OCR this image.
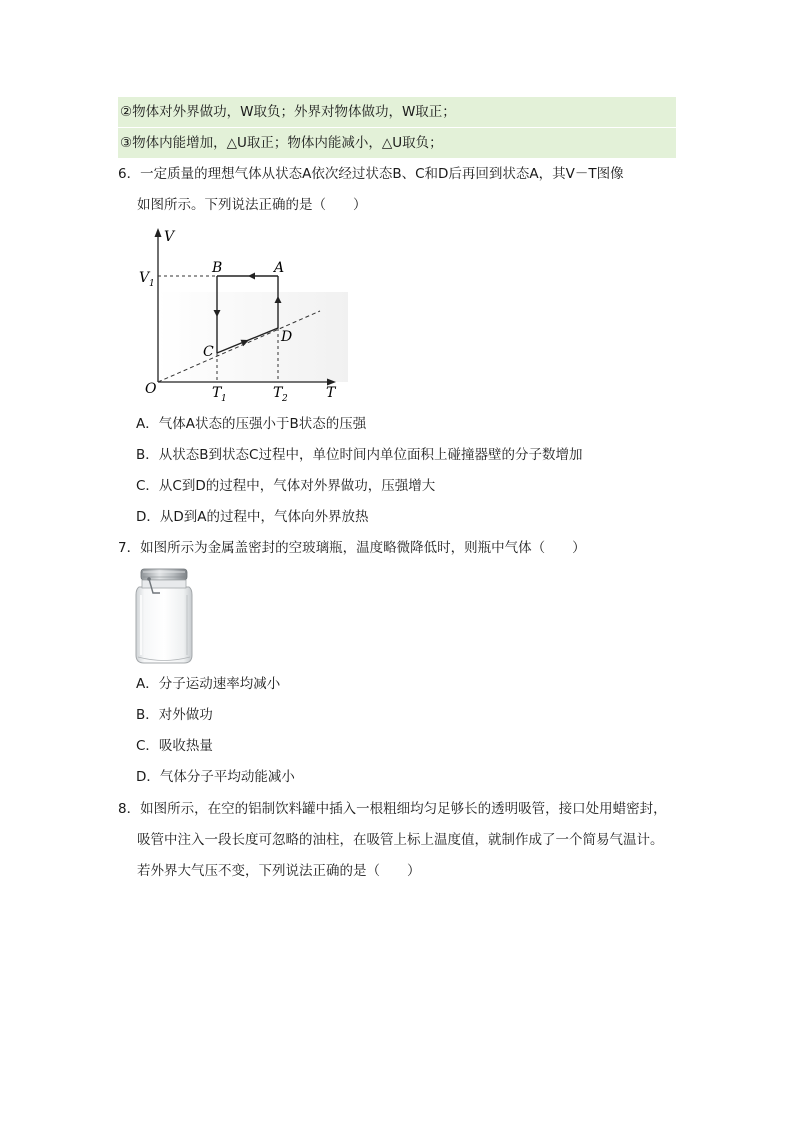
②物体对外界做功，W取负；外界对物体做功，W取正；
③物体内能增加，△U取正；物体内能减小，△U取负；
6．一定质量的理想气体从状态A依次经过状态B、C和D后再回到状态A，其V－T图像
如图所示。下列说法正确的是（　　）
V
T
O
V 1
T 1	T 2
A
B
C
D
A．气体A状态的压强小于B状态的压强
B．从状态B到状态C过程中，单位时间内单位面积上碰撞器壁的分子数增加
C．从C到D的过程中，气体对外界做功，压强增大
D．从D到A的过程中，气体向外界放热
7．如图所示为金属盖密封的空玻璃瓶，温度略微降低时，则瓶中气体（　　）
A．分子运动速率均减小
B．对外做功
C．吸收热量
D．气体分子平均动能减小
8．如图所示，在空的铝制饮料罐中插入一根粗细均匀足够长的透明吸管，接口处用蜡密封，
吸管中注入一段长度可忽略的油柱，在吸管上标上温度值，就制作成了一个简易气温计。
若外界大气压不变，下列说法正确的是（　　）
